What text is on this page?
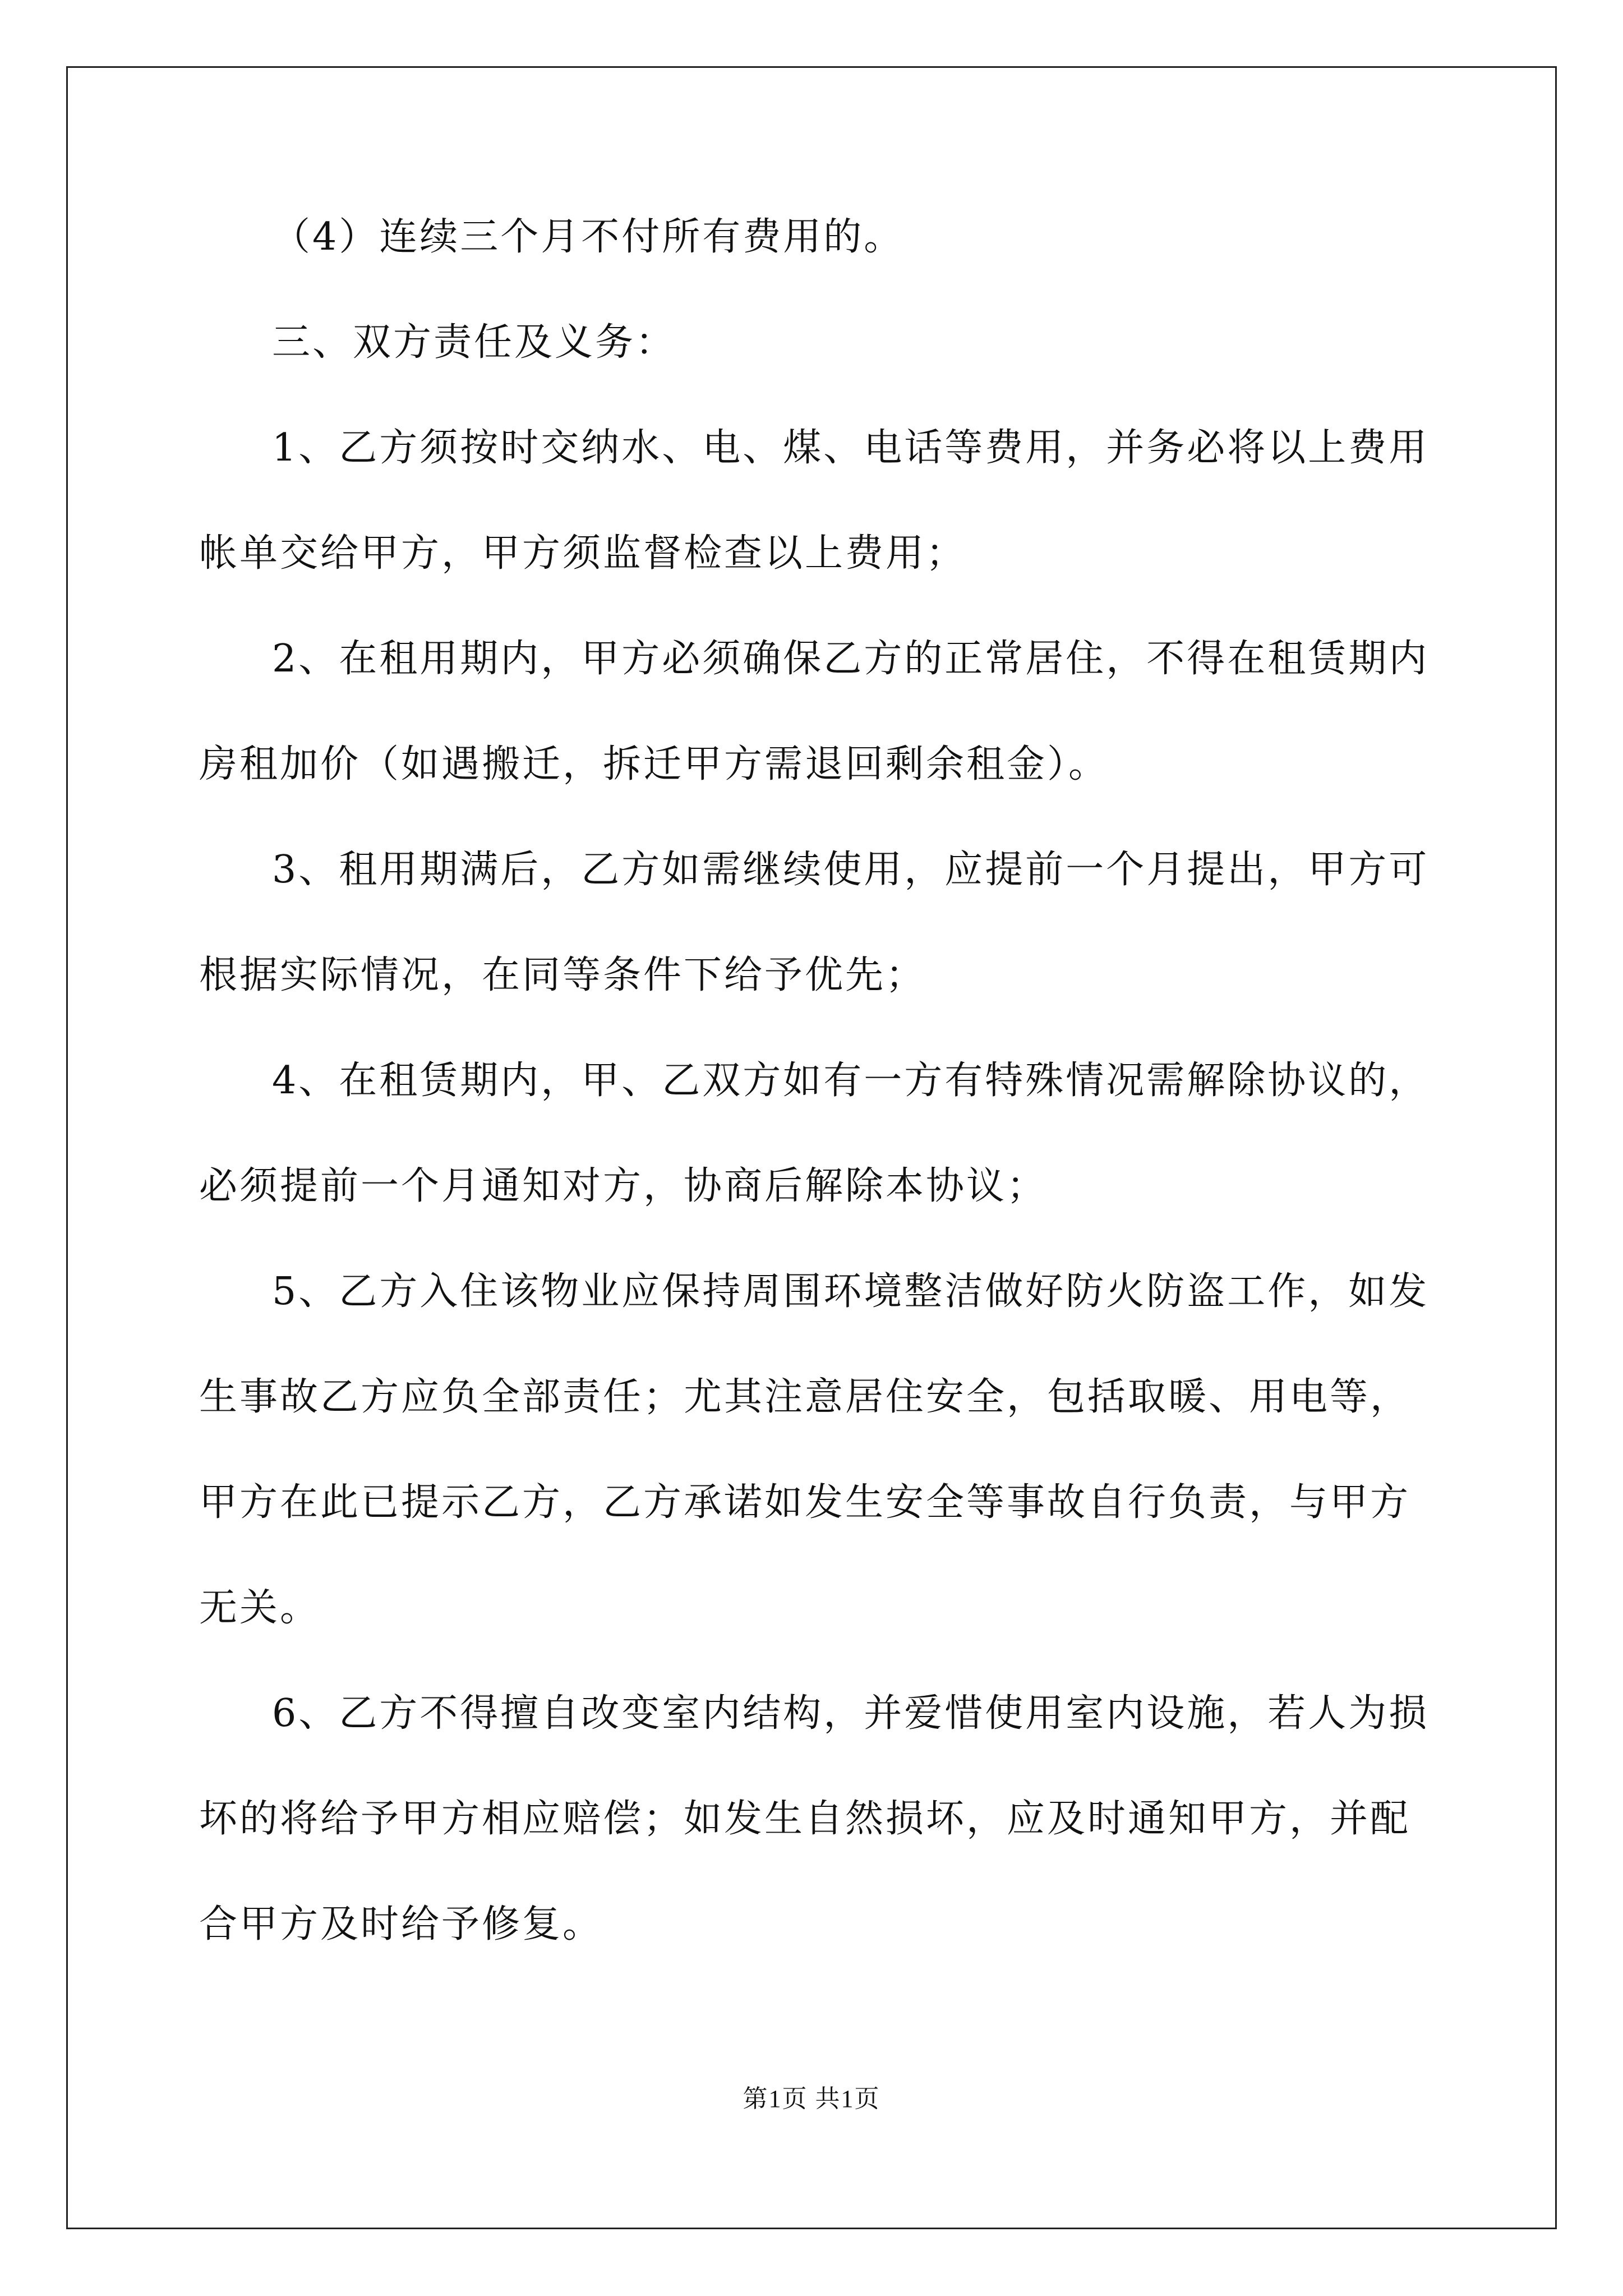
（4）连续三个月不付所有费用的。
三、双方责任及义务：
1、乙方须按时交纳水、电、煤、电话等费用，并务必将以上费用
帐单交给甲方，甲方须监督检查以上费用；
2、在租用期内，甲方必须确保乙方的正常居住，不得在租赁期内
房租加价（如遇搬迁，拆迁甲方需退回剩余租金）。
3、租用期满后，乙方如需继续使用，应提前一个月提出，甲方可
根据实际情况，在同等条件下给予优先；
4、在租赁期内，甲、乙双方如有一方有特殊情况需解除协议的，
必须提前一个月通知对方，协商后解除本协议；
5、乙方入住该物业应保持周围环境整洁做好防火防盗工作，如发
生事故乙方应负全部责任；尤其注意居住安全，包括取暖、用电等，
甲方在此已提示乙方，乙方承诺如发生安全等事故自行负责，与甲方
无关。
6、乙方不得擅自改变室内结构，并爱惜使用室内设施，若人为损
坏的将给予甲方相应赔偿；如发生自然损坏，应及时通知甲方，并配
合甲方及时给予修复。
第1页 共1页
